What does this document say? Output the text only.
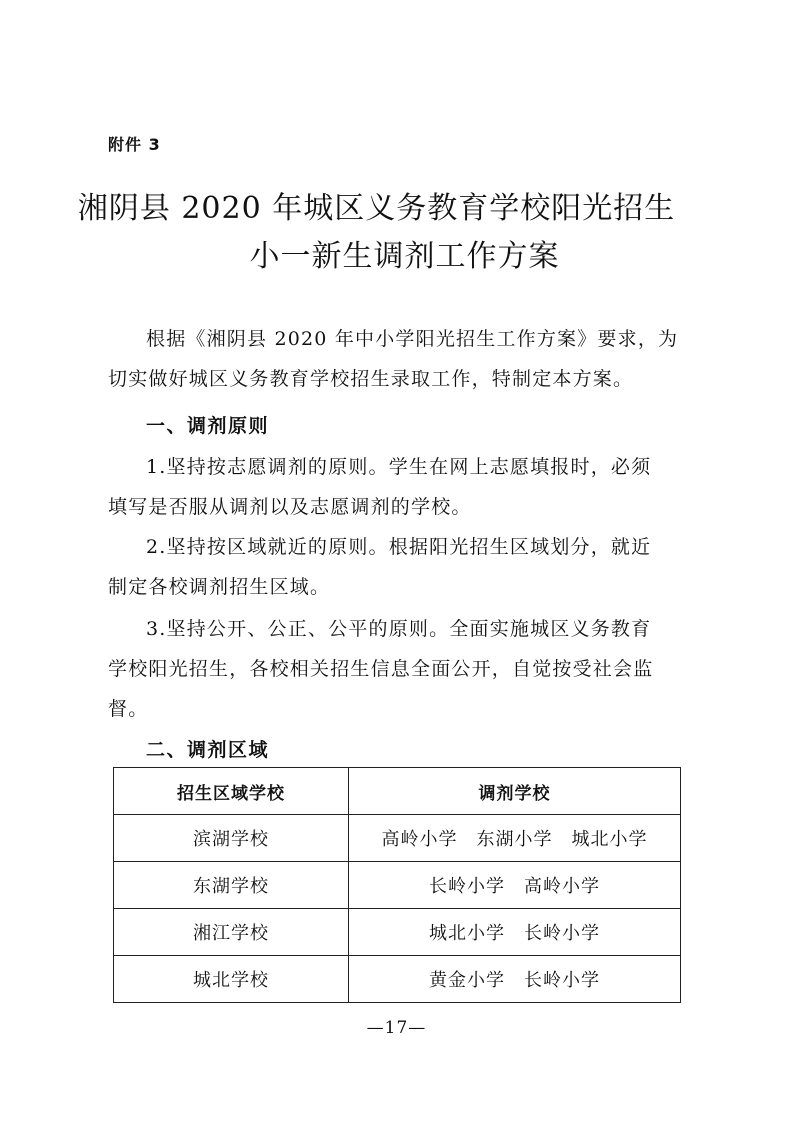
附件 3
湘阴县 2020 年城区义务教育学校阳光招生
小一新生调剂工作方案
根据《湘阴县 2020 年中小学阳光招生工作方案》要求，为
切实做好城区义务教育学校招生录取工作，特制定本方案。
一、调剂原则
1.坚持按志愿调剂的原则。学生在网上志愿填报时，必须
填写是否服从调剂以及志愿调剂的学校。
2.坚持按区域就近的原则。根据阳光招生区域划分，就近
制定各校调剂招生区域。
3.坚持公开、公正、公平的原则。全面实施城区义务教育
学校阳光招生，各校相关招生信息全面公开，自觉按受社会监
督。
二、调剂区域
招生区域学校	调剂学校
滨湖学校	高岭小学　东湖小学　城北小学
东湖学校	长岭小学　高岭小学
湘江学校	城北小学　长岭小学
城北学校	黄金小学　长岭小学
—17—
